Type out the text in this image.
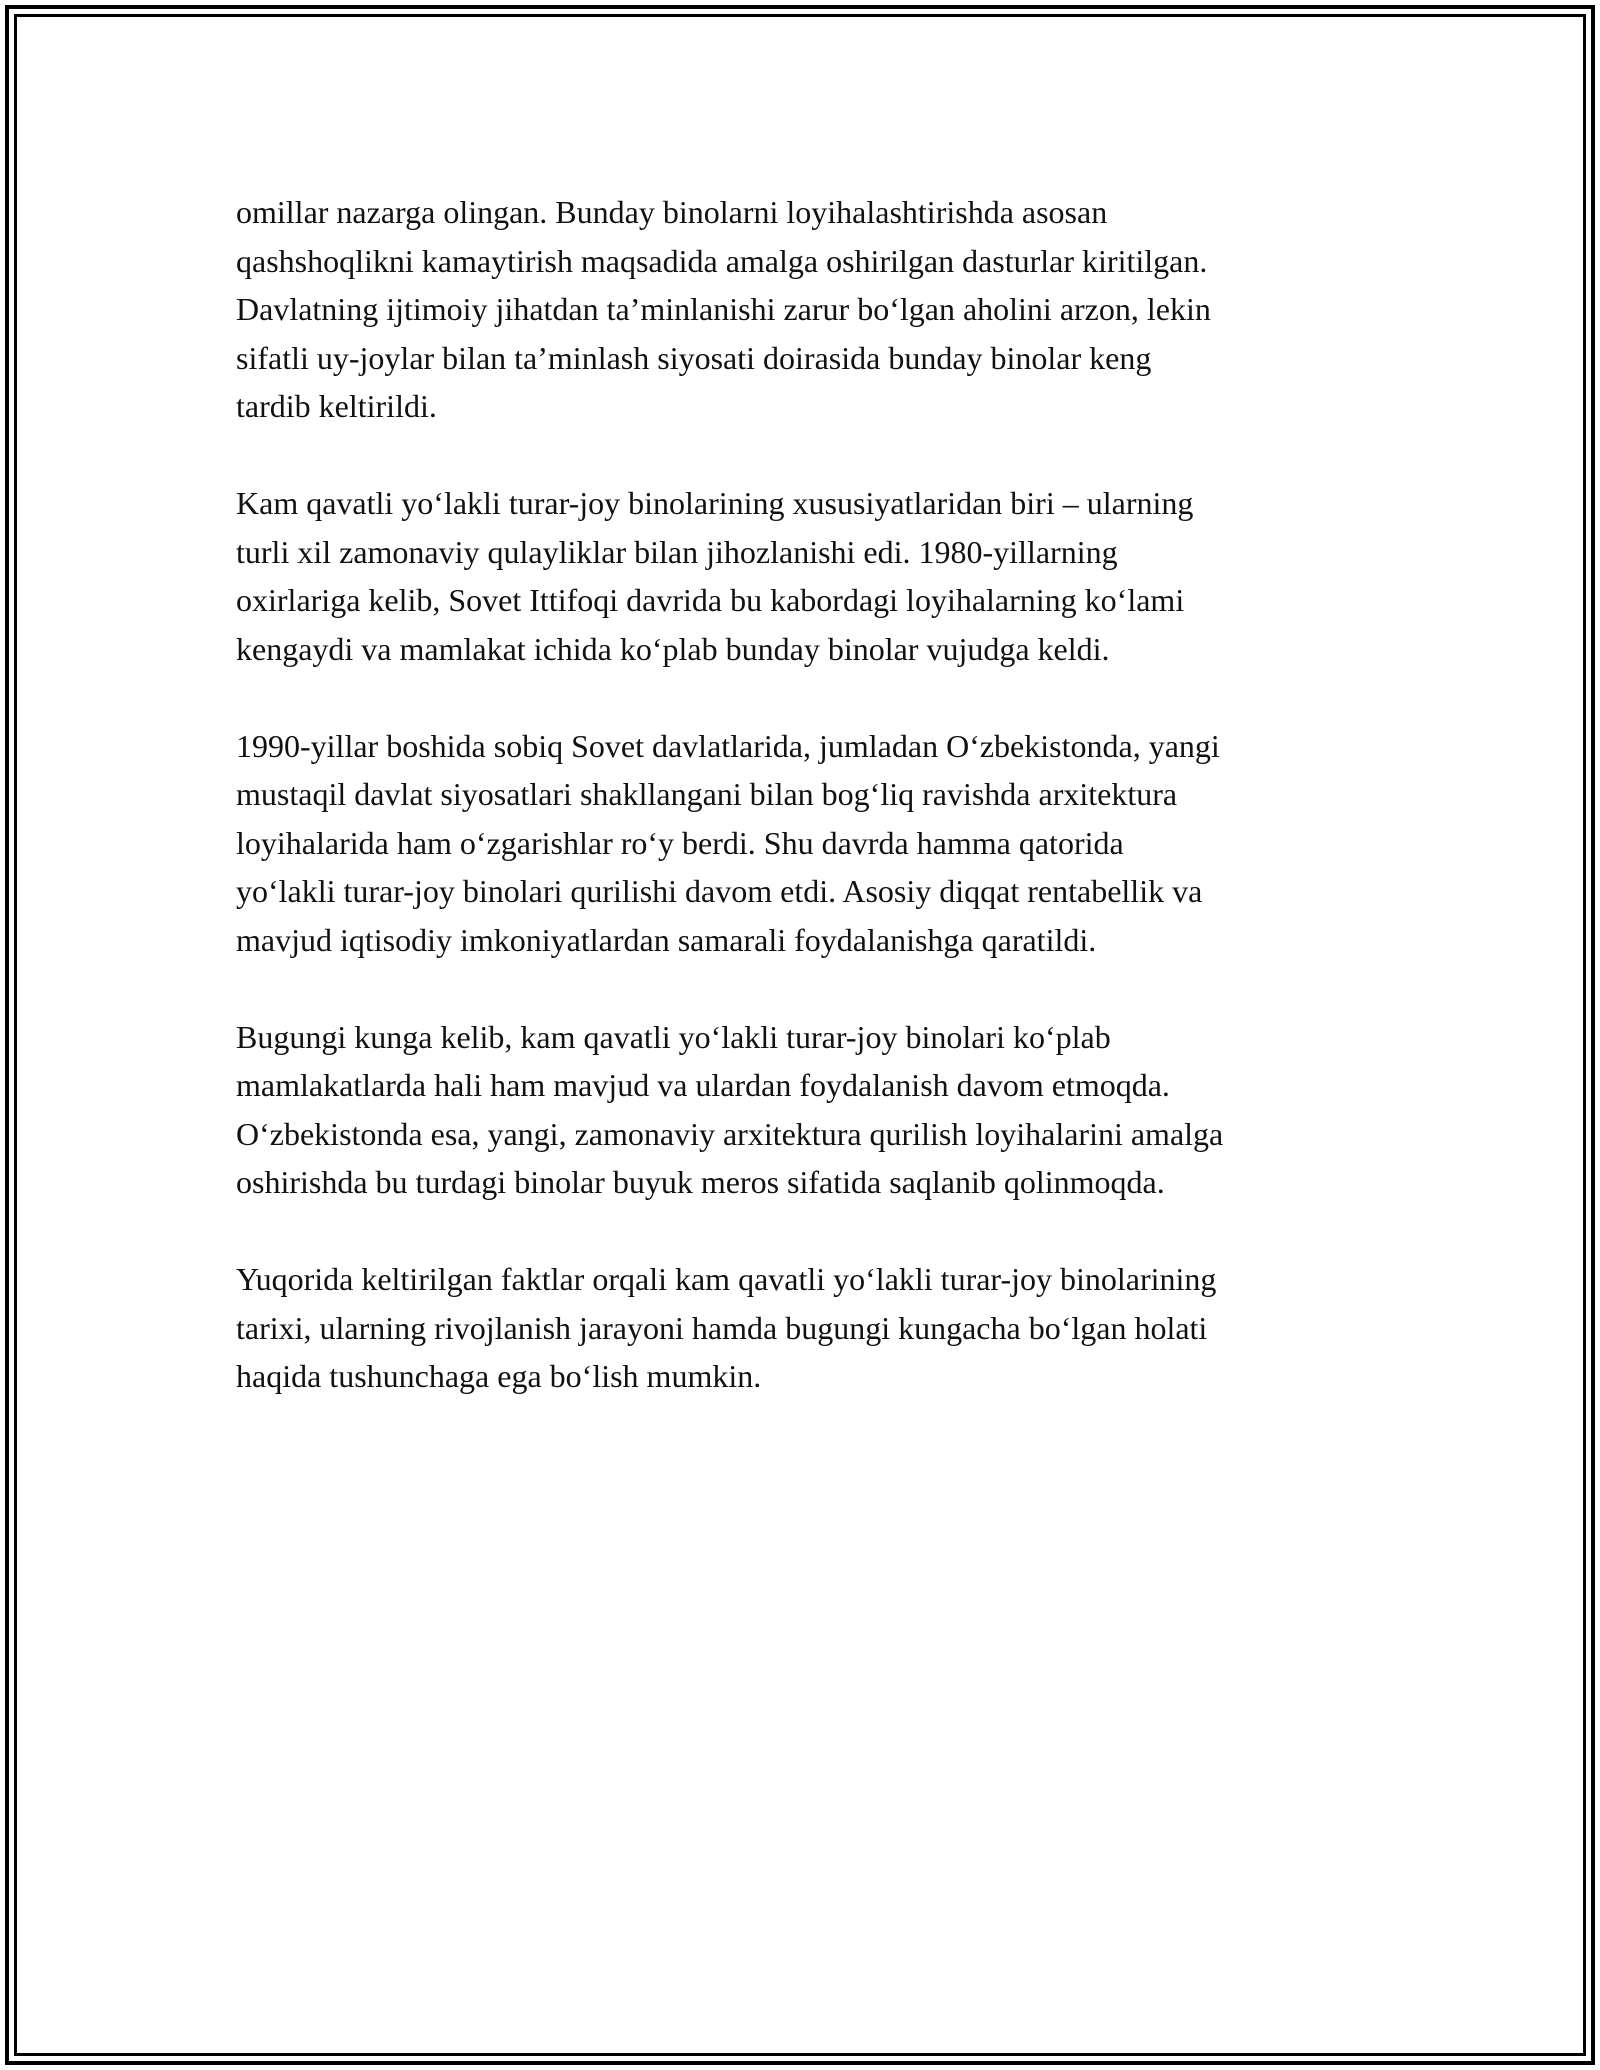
omillar nazarga olingan. Bunday binolarni loyihalashtirishda asosan
qashshoqlikni kamaytirish maqsadida amalga oshirilgan dasturlar kiritilgan.
Davlatning ijtimoiy jihatdan ta’minlanishi zarur bo‘lgan aholini arzon, lekin
sifatli uy-joylar bilan ta’minlash siyosati doirasida bunday binolar keng
tardib keltirildi.

Kam qavatli yo‘lakli turar-joy binolarining xususiyatlaridan biri – ularning
turli xil zamonaviy qulayliklar bilan jihozlanishi edi. 1980-yillarning
oxirlariga kelib, Sovet Ittifoqi davrida bu kabordagi loyihalarning ko‘lami
kengaydi va mamlakat ichida ko‘plab bunday binolar vujudga keldi.

1990-yillar boshida sobiq Sovet davlatlarida, jumladan O‘zbekistonda, yangi
mustaqil davlat siyosatlari shakllangani bilan bog‘liq ravishda arxitektura
loyihalarida ham o‘zgarishlar ro‘y berdi. Shu davrda hamma qatorida
yo‘lakli turar-joy binolari qurilishi davom etdi. Asosiy diqqat rentabellik va
mavjud iqtisodiy imkoniyatlardan samarali foydalanishga qaratildi.

Bugungi kunga kelib, kam qavatli yo‘lakli turar-joy binolari ko‘plab
mamlakatlarda hali ham mavjud va ulardan foydalanish davom etmoqda.
O‘zbekistonda esa, yangi, zamonaviy arxitektura qurilish loyihalarini amalga
oshirishda bu turdagi binolar buyuk meros sifatida saqlanib qolinmoqda.

Yuqorida keltirilgan faktlar orqali kam qavatli yo‘lakli turar-joy binolarining
tarixi, ularning rivojlanish jarayoni hamda bugungi kungacha bo‘lgan holati
haqida tushunchaga ega bo‘lish mumkin.
